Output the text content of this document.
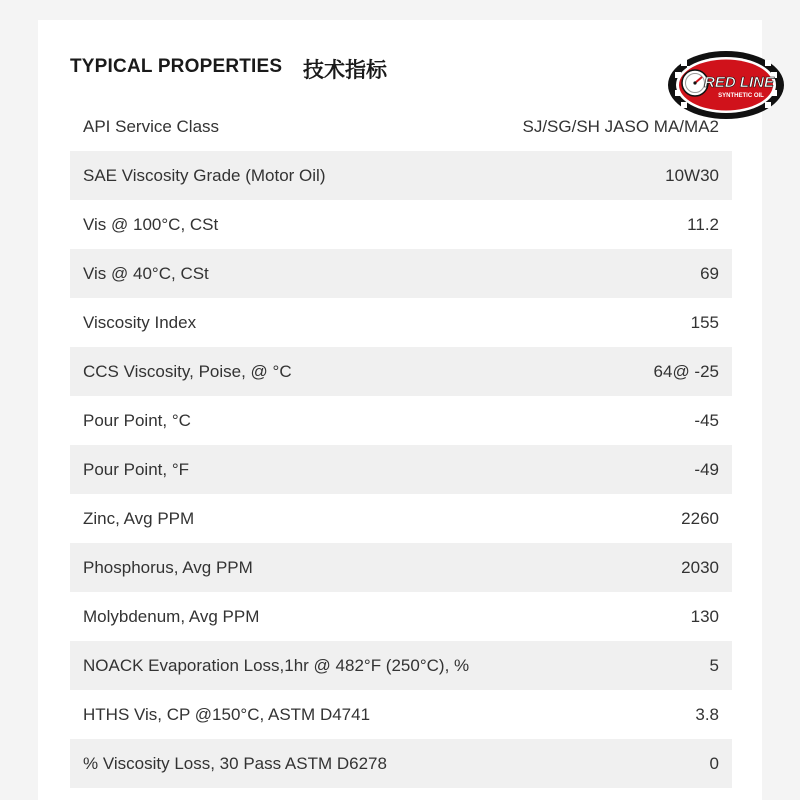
TYPICAL PROPERTIES 技术指标
RED LINE
SYNTHETIC OIL
API Service Class	SJ/SG/SH JASO MA/MA2
SAE Viscosity Grade (Motor Oil)	10W30
Vis @ 100°C, CSt	11.2
Vis @ 40°C, CSt	69
Viscosity Index	155
CCS Viscosity, Poise, @ °C	64@ -25
Pour Point, °C	-45
Pour Point, °F	-49
Zinc, Avg PPM	2260
Phosphorus, Avg PPM	2030
Molybdenum, Avg PPM	130
NOACK Evaporation Loss,1hr @ 482°F (250°C), %	5
HTHS Vis, CP @150°C, ASTM D4741	3.8
% Viscosity Loss, 30 Pass ASTM D6278	0
